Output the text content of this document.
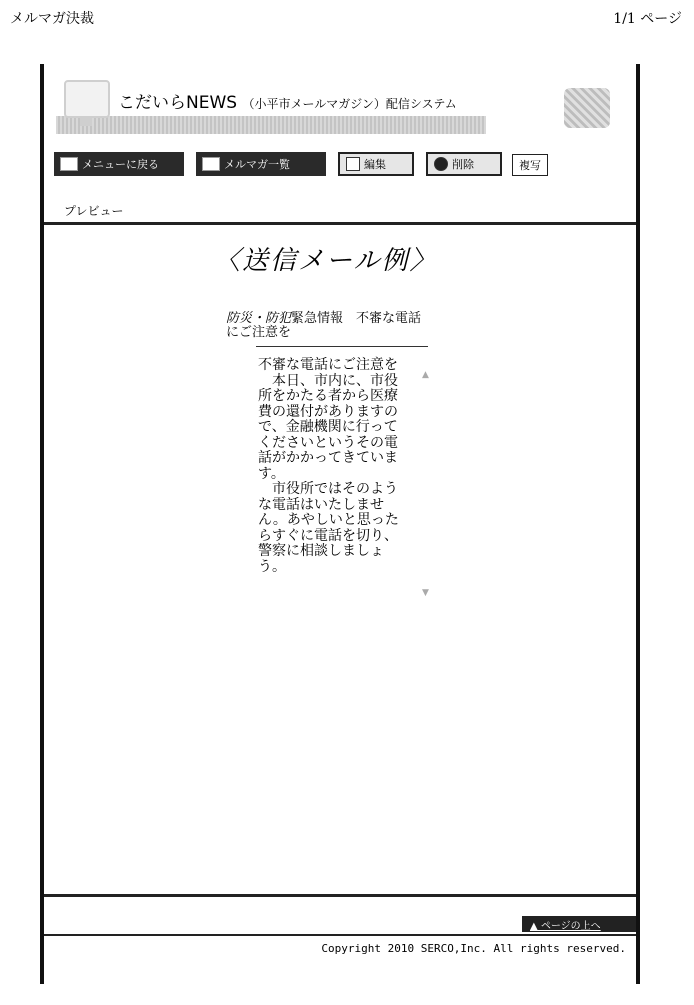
メルマガ決裁	1/1 ページ
こだいらNEWS （小平市メールマガジン）配信システム
メニューに戻る	メルマガ一覧	編集	削除	複写
プレビュー
〈送信メール例〉
防災・防犯緊急情報　不審な電話にご注意を
不審な電話にご注意を
　本日、市内に、市役所をかたる者から医療費の還付がありますので、金融機関に行ってくださいというその電話がかかってきています。
　市役所ではそのような電話はいたしません。あやしいと思ったらすぐに電話を切り、警察に相談しましょう。
▲
▼
▲ ページの上へ
Copyright 2010 SERCO,Inc. All rights reserved.
